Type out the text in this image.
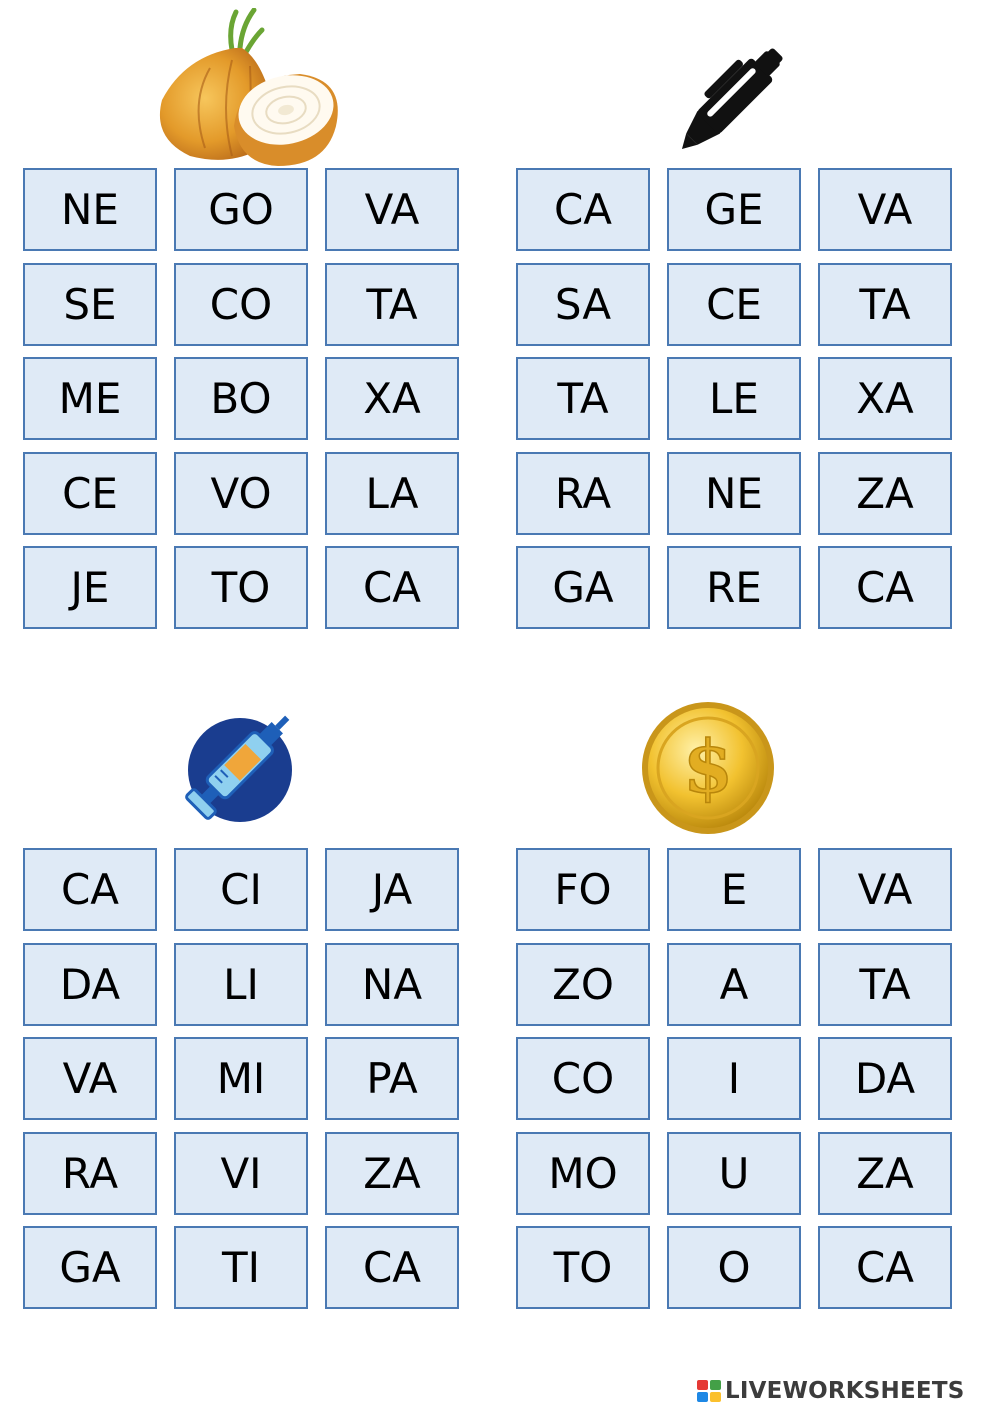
$
NE	GO	VA
SE	CO	TA
ME	BO	XA
CE	VO	LA
JE	TO	CA
CA	GE	VA
SA	CE	TA
TA	LE	XA
RA	NE	ZA
GA	RE	CA
CA	CI	JA
DA	LI	NA
VA	MI	PA
RA	VI	ZA
GA	TI	CA
FO	E	VA
ZO	A	TA
CO	I	DA
MO	U	ZA
TO	O	CA
LIVEWORKSHEETS
